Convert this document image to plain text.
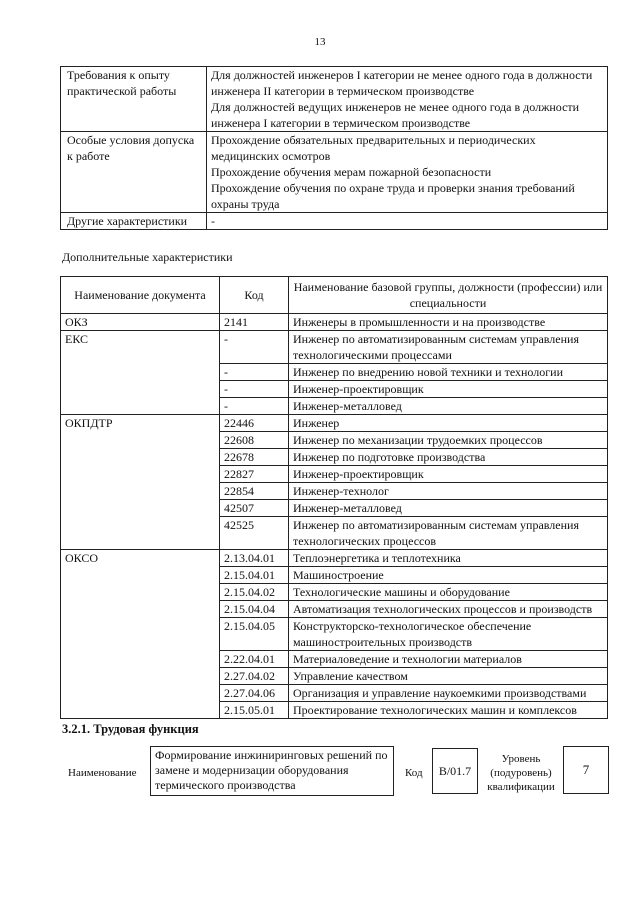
13
Требования к опыту практической работы	Для должностей инженеров I категории не менее одного года в должности инженера II категории в термическом производстве

Для должностей ведущих инженеров не менее одного года в должности инженера I категории в термическом производстве

Особые условия допуска к работе	Прохождение обязательных предварительных и периодических медицинских осмотров

Прохождение обучения мерам пожарной безопасности

Прохождение обучения по охране труда и проверки знания требований охраны труда

Другие характеристики	-

Дополнительные характеристики
Наименование документа	Код	Наименование базовой группы, должности (профессии) или специальности
ОКЗ	2141	Инженеры в промышленности и на производстве
ЕКС	-	Инженер по автоматизированным системам управления технологическими процессами
	-	Инженер по внедрению новой техники и технологии
	-	Инженер-проектировщик
	-	Инженер-металловед
ОКПДТР	22446	Инженер
	22608	Инженер по механизации трудоемких процессов
	22678	Инженер по подготовке производства
	22827	Инженер-проектировщик
	22854	Инженер-технолог
	42507	Инженер-металловед
	42525	Инженер по автоматизированным системам управления технологических процессов
ОКСО	2.13.04.01	Теплоэнергетика и теплотехника
	2.15.04.01	Машиностроение
	2.15.04.02	Технологические машины и оборудование
	2.15.04.04	Автоматизация технологических процессов и производств
	2.15.04.05	Конструкторско-технологическое обеспечение машиностроительных производств
	2.22.04.01	Материаловедение и технологии материалов
	2.27.04.02	Управление качеством
	2.27.04.06	Организация и управление наукоемкими производствами
	2.15.05.01	Проектирование технологических машин и комплексов
3.2.1. Трудовая функция
Наименование
Формирование инжиниринговых решений по замене и модернизации оборудования термического производства
Код B/01.7
Уровень (подуровень) квалификации
7
